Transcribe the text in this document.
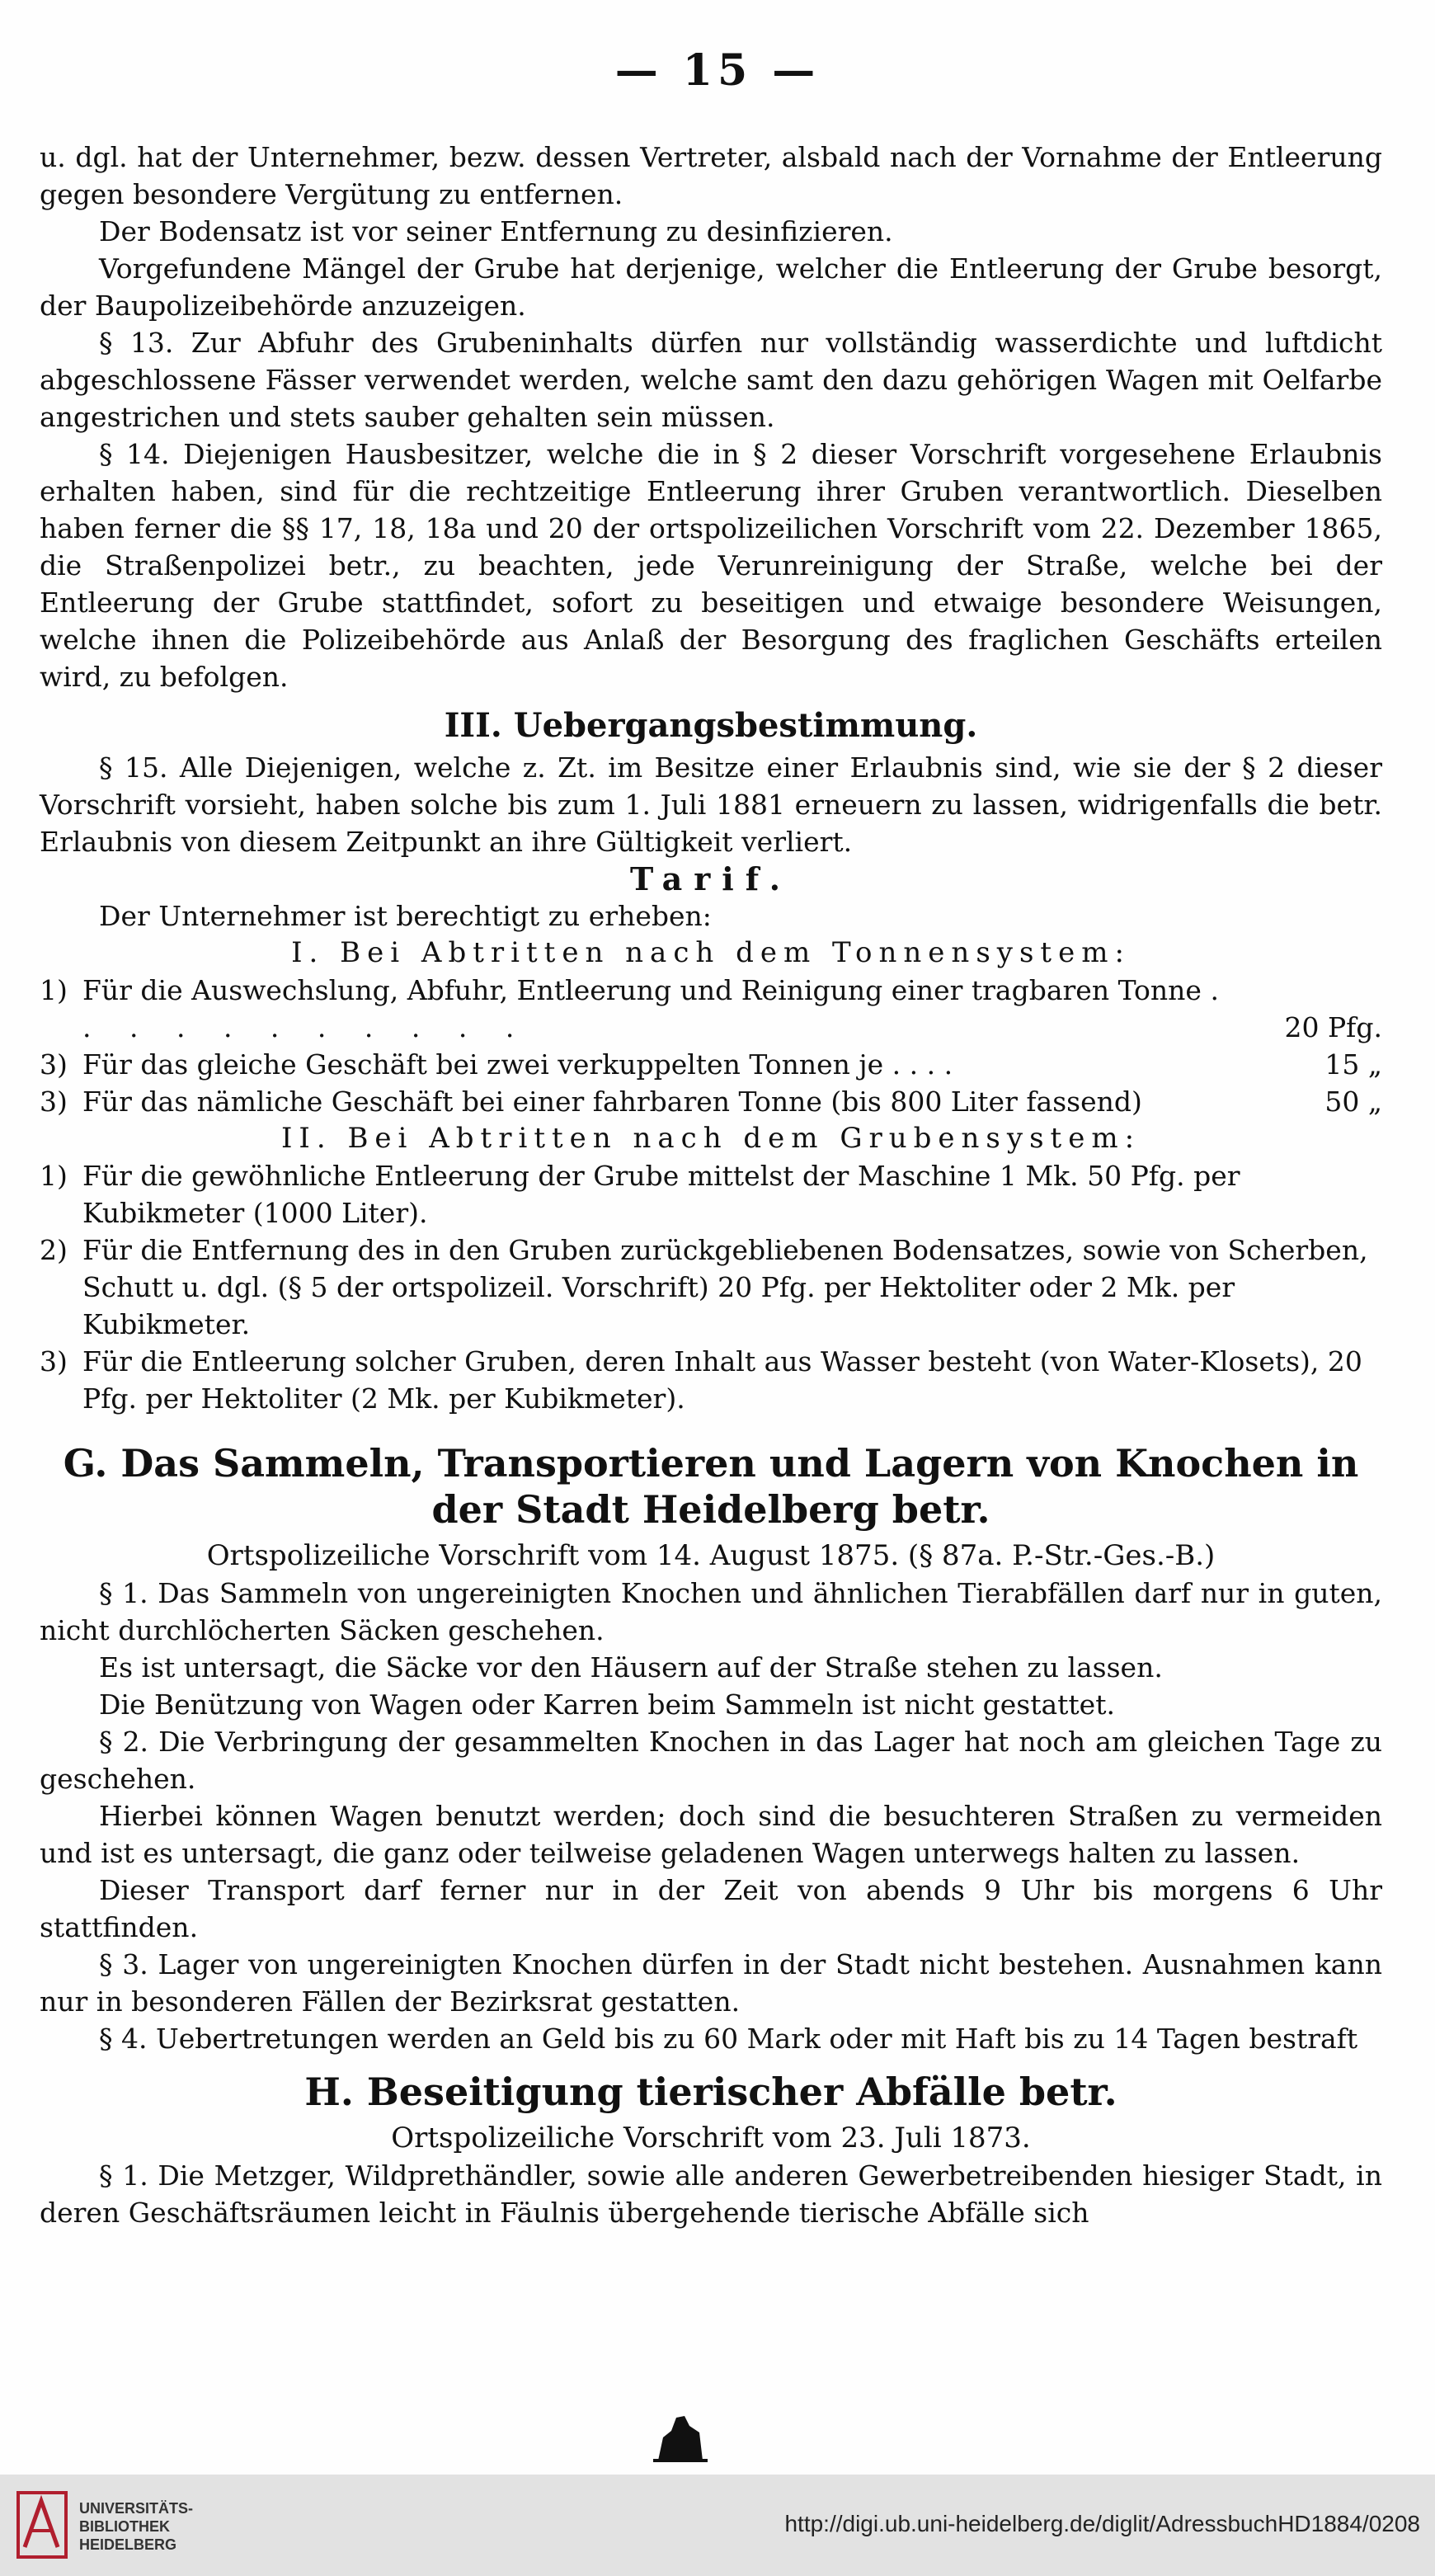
— 15 —

u. dgl. hat der Unternehmer, bezw. dessen Vertreter, alsbald nach der Vornahme der Entleerung gegen besondere Vergütung zu entfernen.

Der Bodensatz ist vor seiner Entfernung zu desinfizieren.

Vorgefundene Mängel der Grube hat derjenige, welcher die Entleerung der Grube besorgt, der Baupolizeibehörde anzuzeigen.

§ 13. Zur Abfuhr des Grubeninhalts dürfen nur vollständig wasserdichte und luftdicht abgeschlossene Fässer verwendet werden, welche samt den dazu gehörigen Wagen mit Oelfarbe angestrichen und stets sauber gehalten sein müssen.

§ 14. Diejenigen Hausbesitzer, welche die in § 2 dieser Vorschrift vorgesehene Erlaubnis erhalten haben, sind für die rechtzeitige Entleerung ihrer Gruben verantwortlich. Dieselben haben ferner die §§ 17, 18, 18a und 20 der ortspolizeilichen Vorschrift vom 22. Dezember 1865, die Straßenpolizei betr., zu beachten, jede Verunreinigung der Straße, welche bei der Entleerung der Grube stattfindet, sofort zu beseitigen und etwaige besondere Weisungen, welche ihnen die Polizeibehörde aus Anlaß der Besorgung des fraglichen Geschäfts erteilen wird, zu befolgen.

III. Uebergangsbestimmung.

§ 15. Alle Diejenigen, welche z. Zt. im Besitze einer Erlaubnis sind, wie sie der § 2 dieser Vorschrift vorsieht, haben solche bis zum 1. Juli 1881 erneuern zu lassen, widrigenfalls die betr. Erlaubnis von diesem Zeitpunkt an ihre Gültigkeit verliert.

Tarif.

Der Unternehmer ist berechtigt zu erheben:

I. Bei Abtritten nach dem Tonnensystem:
1) Für die Auswechslung, Abfuhr, Entleerung und Reinigung einer tragbaren Tonne . . . . . . . . . . .	20 Pfg.
3) Für das gleiche Geschäft bei zwei verkuppelten Tonnen je . . . .	15 „
3) Für das nämliche Geschäft bei einer fahrbaren Tonne (bis 800 Liter fassend)	50 „
II. Bei Abtritten nach dem Grubensystem:
1) Für die gewöhnliche Entleerung der Grube mittelst der Maschine 1 Mk. 50 Pfg. per Kubikmeter (1000 Liter).
2) Für die Entfernung des in den Gruben zurückgebliebenen Bodensatzes, sowie von Scherben, Schutt u. dgl. (§ 5 der ortspolizeil. Vorschrift) 20 Pfg. per Hektoliter oder 2 Mk. per Kubikmeter.
3) Für die Entleerung solcher Gruben, deren Inhalt aus Wasser besteht (von Water-Klosets), 20 Pfg. per Hektoliter (2 Mk. per Kubikmeter).
G. Das Sammeln, Transportieren und Lagern von Knochen in der Stadt Heidelberg betr.
Ortspolizeiliche Vorschrift vom 14. August 1875. (§ 87a. P.-Str.-Ges.-B.)

§ 1. Das Sammeln von ungereinigten Knochen und ähnlichen Tierabfällen darf nur in guten, nicht durchlöcherten Säcken geschehen.

Es ist untersagt, die Säcke vor den Häusern auf der Straße stehen zu lassen.

Die Benützung von Wagen oder Karren beim Sammeln ist nicht gestattet.

§ 2. Die Verbringung der gesammelten Knochen in das Lager hat noch am gleichen Tage zu geschehen.

Hierbei können Wagen benutzt werden; doch sind die besuchteren Straßen zu vermeiden und ist es untersagt, die ganz oder teilweise geladenen Wagen unterwegs halten zu lassen.

Dieser Transport darf ferner nur in der Zeit von abends 9 Uhr bis morgens 6 Uhr stattfinden.

§ 3. Lager von ungereinigten Knochen dürfen in der Stadt nicht bestehen. Ausnahmen kann nur in besonderen Fällen der Bezirksrat gestatten.

§ 4. Uebertretungen werden an Geld bis zu 60 Mark oder mit Haft bis zu 14 Tagen bestraft

H. Beseitigung tierischer Abfälle betr.
Ortspolizeiliche Vorschrift vom 23. Juli 1873.

§ 1. Die Metzger, Wildprethändler, sowie alle anderen Gewerbetreibenden hiesiger Stadt, in deren Geschäftsräumen leicht in Fäulnis übergehende tierische Abfälle sich

UNIVERSITÄTS-
BIBLIOTHEK
HEIDELBERG
http://digi.ub.uni-heidelberg.de/diglit/AdressbuchHD1884/0208
